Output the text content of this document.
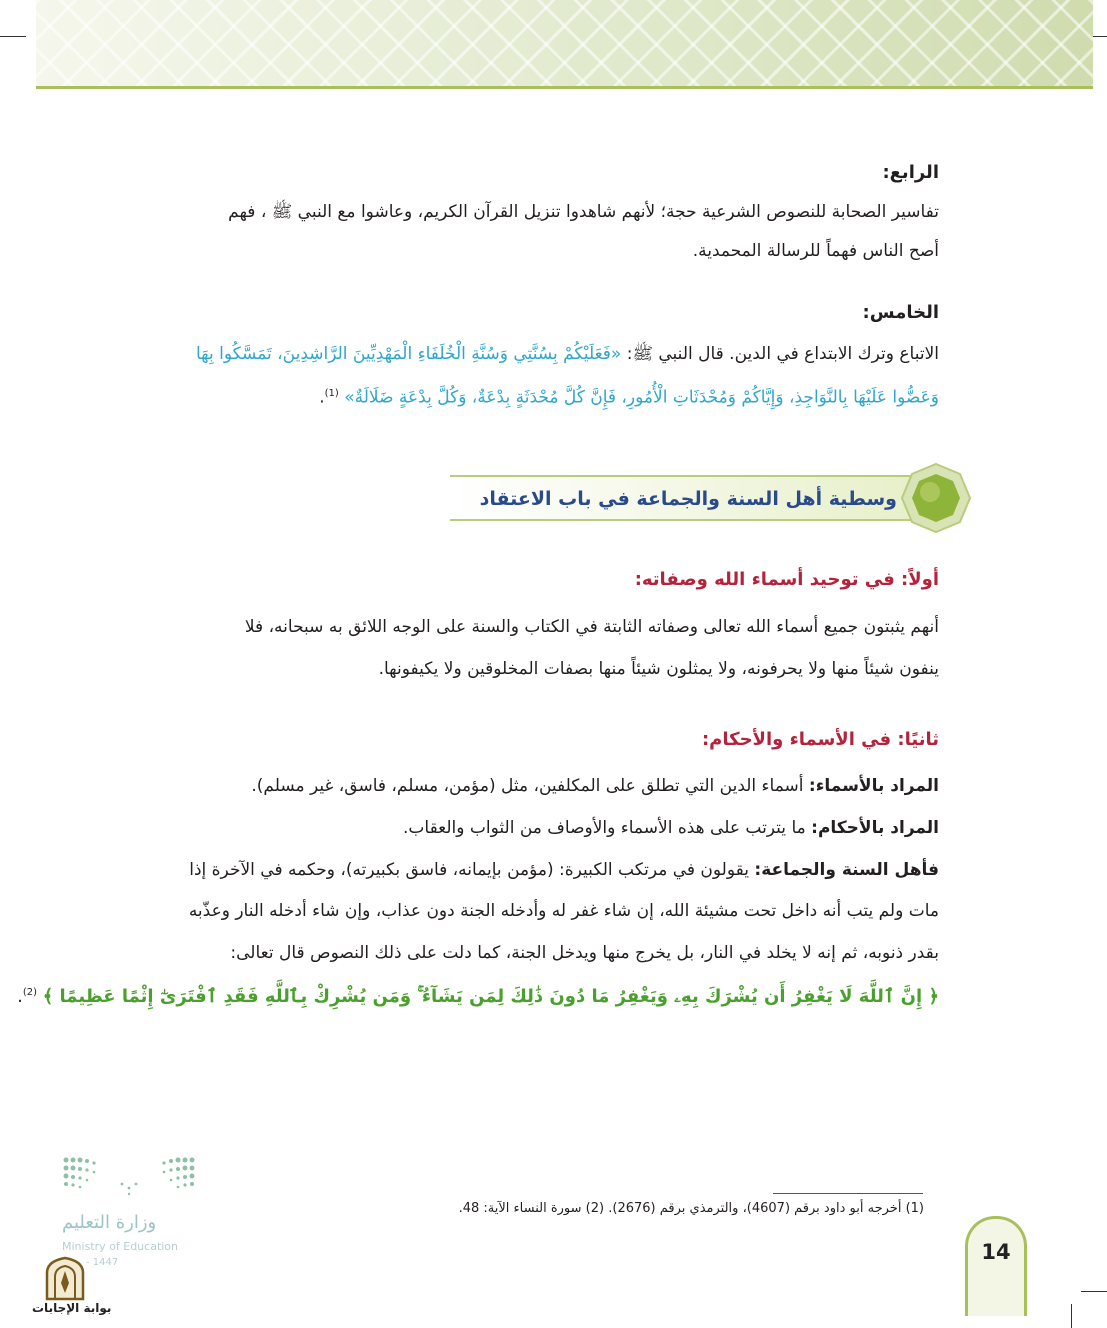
الرابع:
تفاسير الصحابة للنصوص الشرعية حجة؛ لأنهم شاهدوا تنزيل القرآن الكريم، وعاشوا مع النبي ﷺ ، فهم
أصح الناس فهماً للرسالة المحمدية.
الخامس:
الاتباع وترك الابتداع في الدين. قال النبي ﷺ: «فَعَلَيْكُمْ بِسُنَّتِي وَسُنَّةِ الْخُلَفَاءِ الْمَهْدِيِّينَ الرَّاشِدِينَ، تَمَسَّكُوا بِهَا
وَعَضُّوا عَلَيْهَا بِالنَّوَاجِذِ، وَإِيَّاكُمْ وَمُحْدَثَاتِ الْأُمُورِ، فَإِنَّ كُلَّ مُحْدَثَةٍ بِدْعَةٌ، وَكُلَّ بِدْعَةٍ ضَلَالَةٌ» $^{(1)}$.
وسطية أهل السنة والجماعة في باب الاعتقاد
أولاً: في توحيد أسماء الله وصفاته:
أنهم يثبتون جميع أسماء الله تعالى وصفاته الثابتة في الكتاب والسنة على الوجه اللائق به سبحانه، فلا
ينفون شيئاً منها ولا يحرفونه، ولا يمثلون شيئاً منها بصفات المخلوقين ولا يكيفونها.
ثانيًا: في الأسماء والأحكام:
المراد بالأسماء: أسماء الدين التي تطلق على المكلفين، مثل (مؤمن، مسلم، فاسق، غير مسلم).
المراد بالأحكام: ما يترتب على هذه الأسماء والأوصاف من الثواب والعقاب.
فأهل السنة والجماعة: يقولون في مرتكب الكبيرة: (مؤمن بإيمانه، فاسق بكبيرته)، وحكمه في الآخرة إذا
مات ولم يتب أنه داخل تحت مشيئة الله، إن شاء غفر له وأدخله الجنة دون عذاب، وإن شاء أدخله النار وعذّبه
بقدر ذنوبه، ثم إنه لا يخلد في النار، بل يخرج منها ويدخل الجنة، كما دلت على ذلك النصوص قال تعالى:
﴿ إِنَّ ٱللَّهَ لَا يَغْفِرُ أَن يُشْرَكَ بِهِۦ وَيَغْفِرُ مَا دُونَ ذَٰلِكَ لِمَن يَشَآءُ ۚ وَمَن يُشْرِكْ بِٱللَّهِ فَقَدِ ٱفْتَرَىٰٓ إِثْمًا عَظِيمًا ﴾ $^{(2)}$.
(1) أخرجه أبو داود برقم (4607)، والترمذي برقم (2676). (2) سورة النساء الآية: 48.
14
وزارة التعليم
Ministry of Education
- 1447
بوابة الإجابات
